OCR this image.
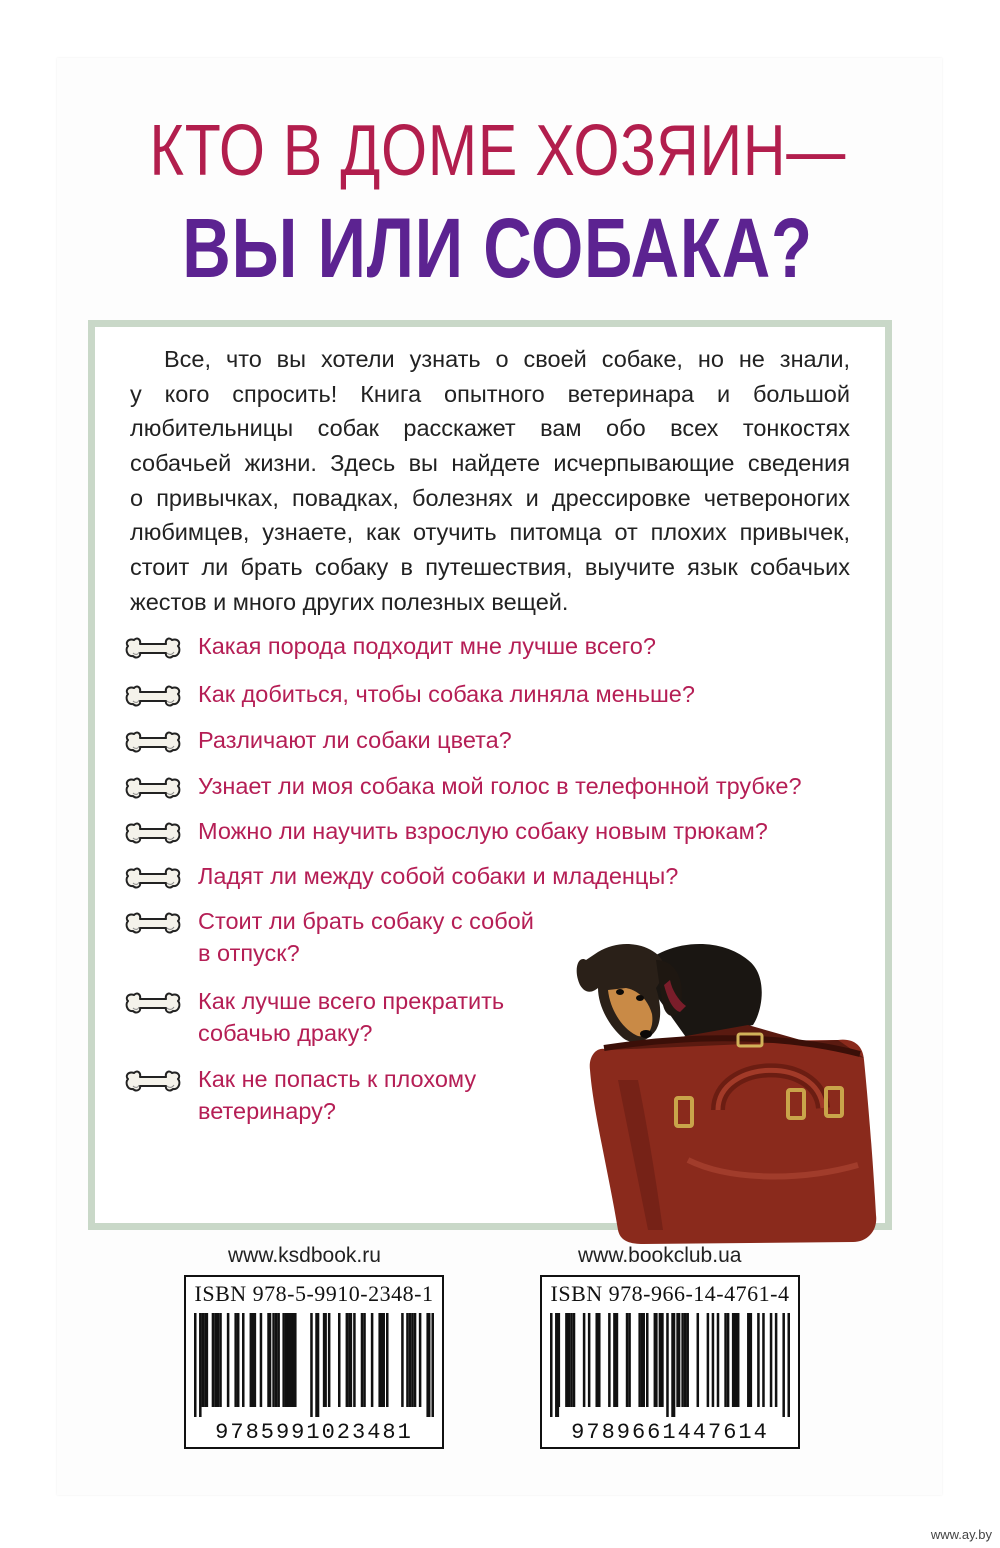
КТО В ДОМЕ ХОЗЯИН—
ВЫ ИЛИ СОБАКА?
Все, что вы хотели узнать о своей собаке, но не знали,
у кого спросить! Книга опытного ветеринара и большой
любительницы собак расскажет вам обо всех тонкостях
собачьей жизни. Здесь вы найдете исчерпывающие сведения
о привычках, повадках, болезнях и дрессировке четвероногих
любимцев, узнаете, как отучить питомца от плохих привычек,
стоит ли брать собаку в путешествия, выучите язык собачьих
жестов и много других полезных вещей.
Какая порода подходит мне лучше всего?
Как добиться, чтобы собака линяла меньше?
Различают ли собаки цвета?
Узнает ли моя собака мой голос в телефонной трубке?
Можно ли научить взрослую собаку новым трюкам?
Ладят ли между собой собаки и младенцы?
Стоит ли брать собаку с собой
в отпуск?
Как лучше всего прекратить
собачью драку?
Как не попасть к плохому
ветеринару?
www.ksdbook.ru	www.bookclub.ua
ISBN 978-5-9910-2348-1
9785991023481
ISBN 978-966-14-4761-4
9789661447614
www.ay.by
